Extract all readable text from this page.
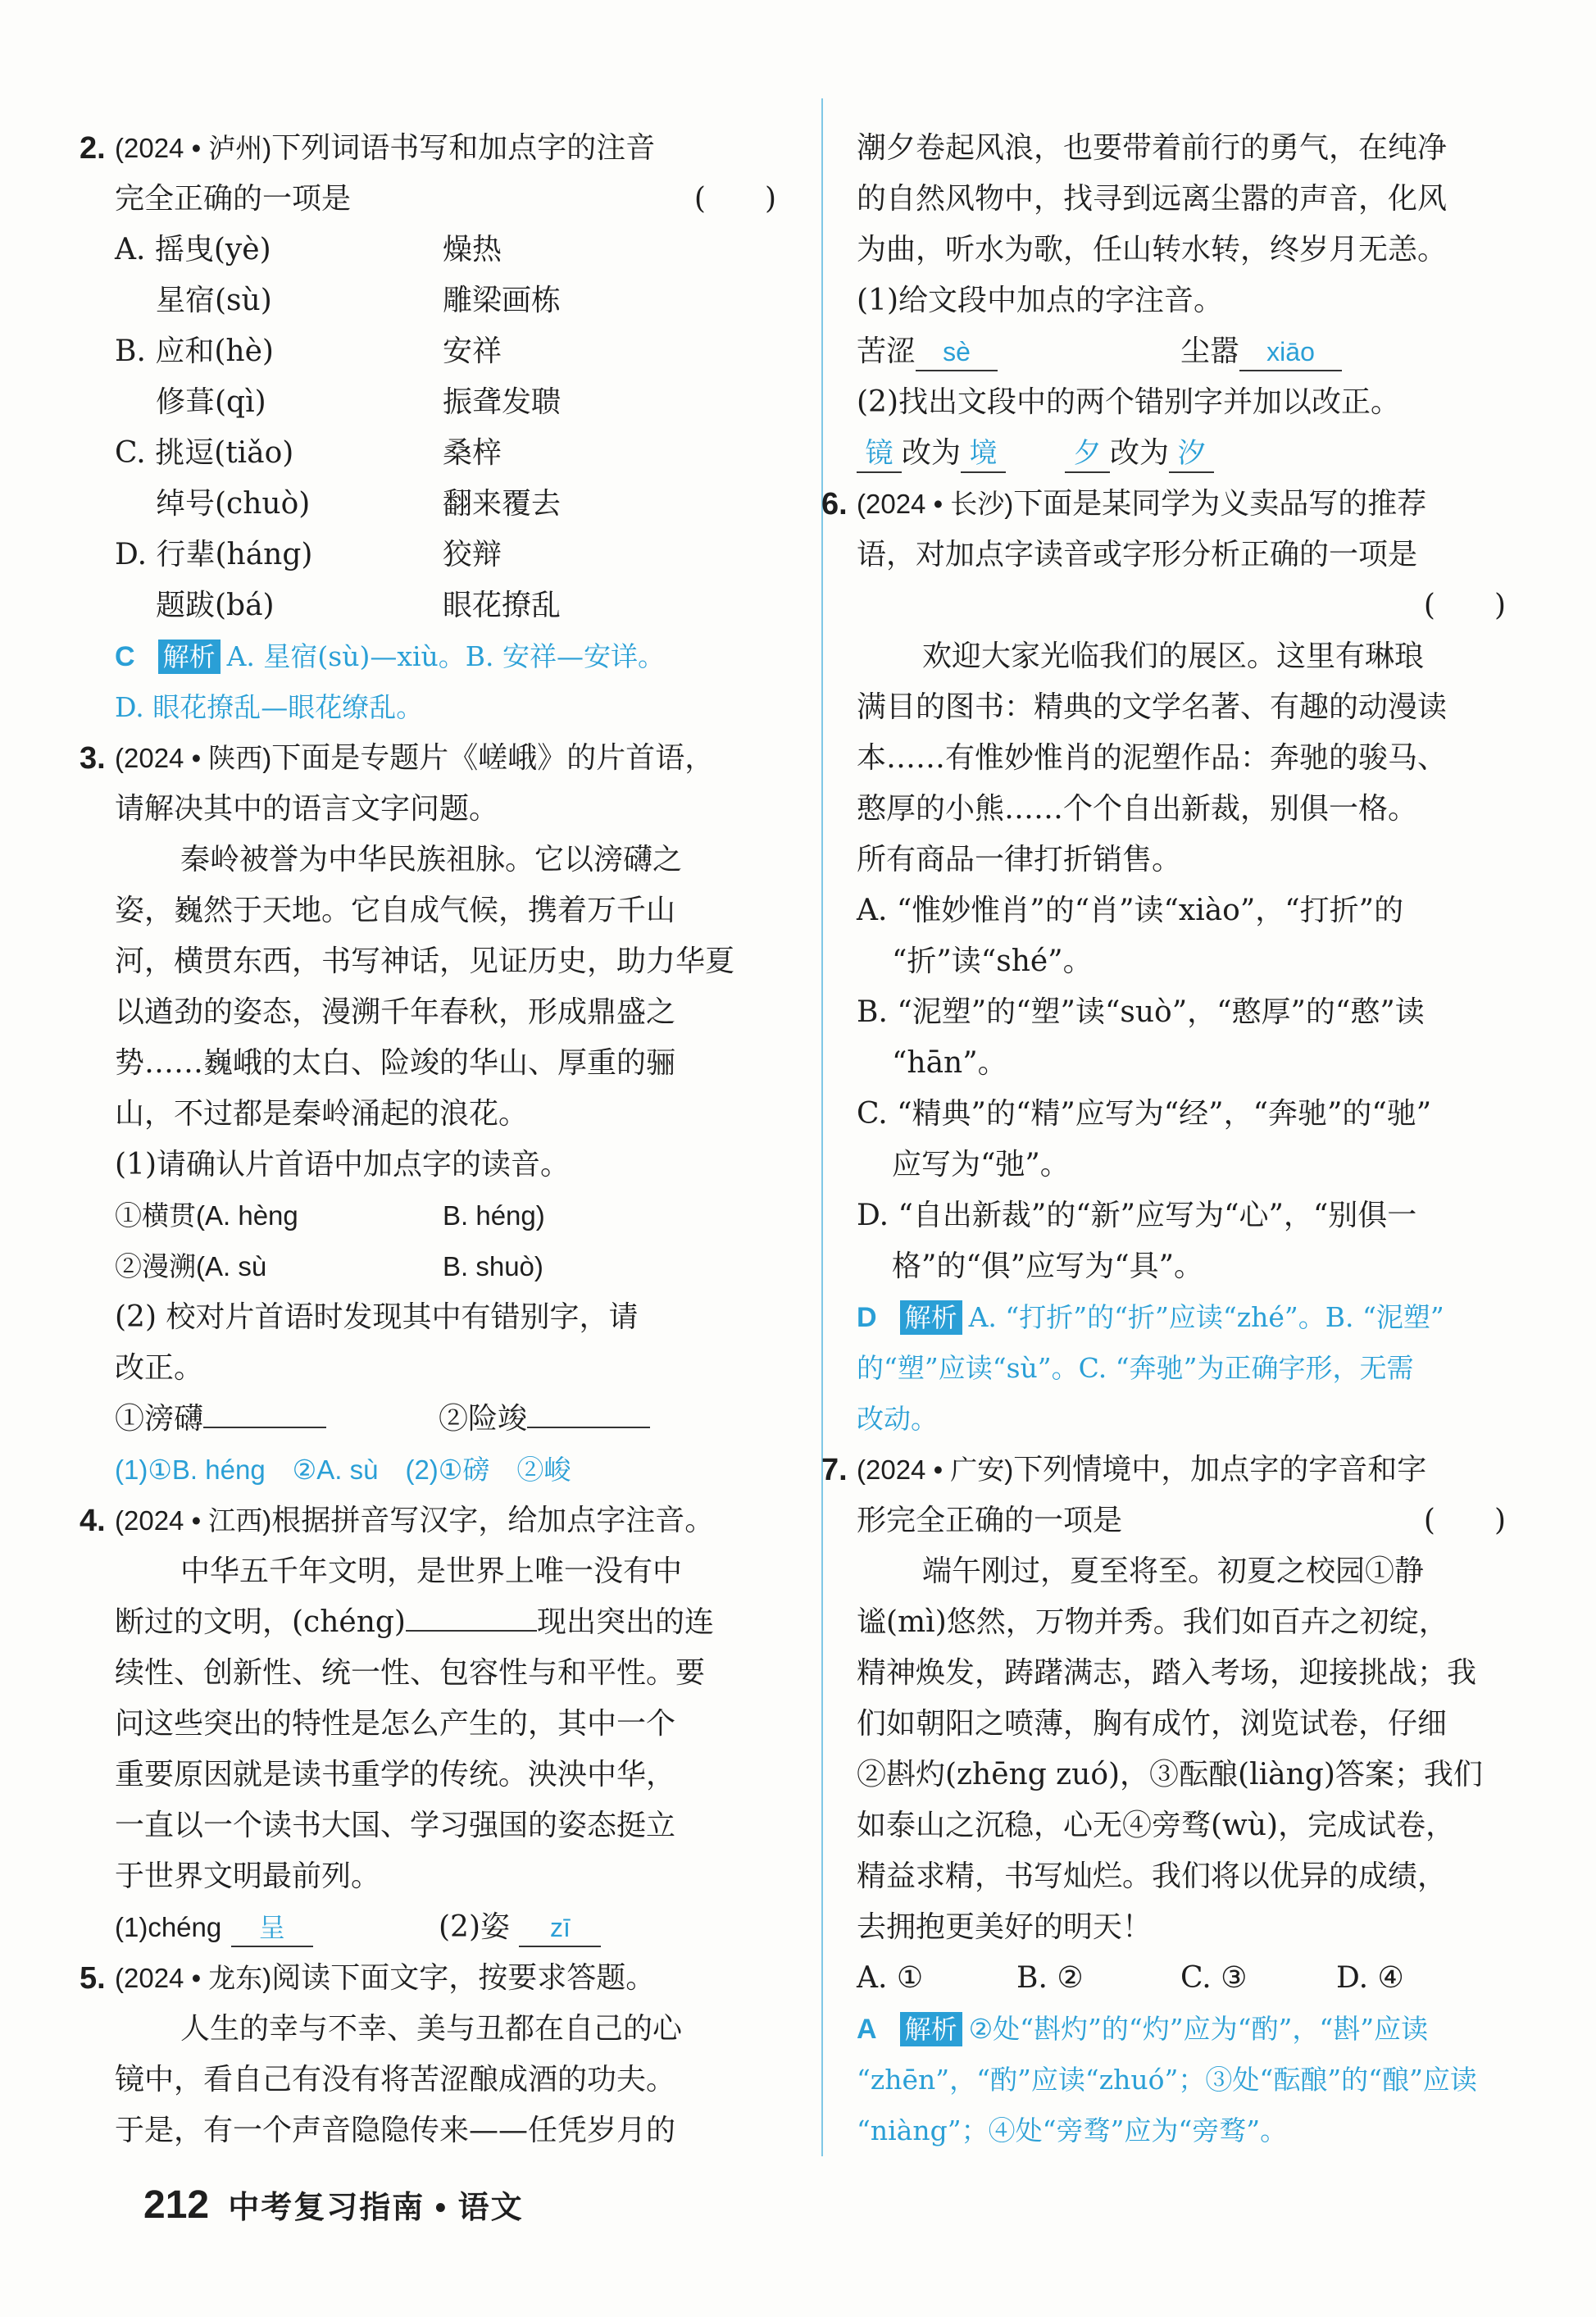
2. (2024 • 泸州)下列词语书写和加点字的注音
完全正确的一项是	(　　)
A. 摇曳(yè)	燥热
星宿(sù)	雕梁画栋
B. 应和(hè)	安祥
修葺(qì)	振聋发聩
C. 挑逗(tiǎo)	桑梓
绰号(chuò)	翻来覆去
D. 行辈(háng)	狡辩
题跋(bá)	眼花撩乱
C 解析 A. 星宿(sù)—xiù。B. 安祥—安详。
D. 眼花撩乱—眼花缭乱。
3. (2024 • 陕西)下面是专题片《嵯峨》的片首语，
请解决其中的语言文字问题。
秦岭被誉为中华民族祖脉。它以滂礴之
姿，巍然于天地。它自成气候，携着万千山
河，横贯东西，书写神话，见证历史，助力华夏
以遒劲的姿态，漫溯千年春秋，形成鼎盛之
势……巍峨的太白、险竣的华山、厚重的骊
山，不过都是秦岭涌起的浪花。
(1)请确认片首语中加点字的读音。
①横贯(A. hèng	B. héng)
②漫溯(A. sù	B. shuò)
(2) 校对片首语时发现其中有错别字，请
改正。
①滂礴	②险竣
(1)①B. héng　②A. sù　(2)①磅　②峻
4. (2024 • 江西)根据拼音写汉字，给加点字注音。
中华五千年文明，是世界上唯一没有中
断过的文明，(chéng)	现出突出的连
续性、创新性、统一性、包容性与和平性。要
问这些突出的特性是怎么产生的，其中一个
重要原因就是读书重学的传统。泱泱中华，
一直以一个读书大国、学习强国的姿态挺立
于世界文明最前列。
(1)chéng 呈	(2)姿 zī
5. (2024 • 龙东)阅读下面文字，按要求答题。
人生的幸与不幸、美与丑都在自己的心
镜中，看自己有没有将苦涩酿成酒的功夫。
于是，有一个声音隐隐传来——任凭岁月的
潮夕卷起风浪，也要带着前行的勇气，在纯净
的自然风物中，找寻到远离尘嚣的声音，化风
为曲，听水为歌，任山转水转，终岁月无恙。
(1)给文段中加点的字注音。
苦涩 sè	尘嚣 xiāo
(2)找出文段中的两个错别字并加以改正。
镜 改为 境　　	夕 改为 汐
6. (2024 • 长沙)下面是某同学为义卖品写的推荐
语，对加点字读音或字形分析正确的一项是
(　　)
欢迎大家光临我们的展区。这里有琳琅
满目的图书：精典的文学名著、有趣的动漫读
本……有惟妙惟肖的泥塑作品：奔驰的骏马、
憨厚的小熊……个个自出新裁，别俱一格。
所有商品一律打折销售。
A. “惟妙惟肖”的“肖”读“xiào”，“打折”的
“折”读“shé”。
B. “泥塑”的“塑”读“suò”，“憨厚”的“憨”读
“hān”。
C. “精典”的“精”应写为“经”，“奔驰”的“驰”
应写为“弛”。
D. “自出新裁”的“新”应写为“心”，“别俱一
格”的“俱”应写为“具”。
D 解析 A. “打折”的“折”应读“zhé”。B. “泥塑”
的“塑”应读“sù”。C. “奔驰”为正确字形，无需
改动。
7. (2024 • 广安)下列情境中，加点字的字音和字
形完全正确的一项是	(　　)
端午刚过，夏至将至。初夏之校园①静
谧(mì)悠然，万物并秀。我们如百卉之初绽，
精神焕发，踌躇满志，踏入考场，迎接挑战；我
们如朝阳之喷薄，胸有成竹，浏览试卷，仔细
②斟灼(zhēng zuó)，③酝酿(liàng)答案；我们
如泰山之沉稳，心无④旁骛(wù)，完成试卷，
精益求精，书写灿烂。我们将以优异的成绩，
去拥抱更美好的明天！
A. ①	B. ②	C. ③	D. ④
A 解析 ②处“斟灼”的“灼”应为“酌”，“斟”应读
“zhēn”，“酌”应读“zhuó”；③处“酝酿”的“酿”应读
“niàng”；④处“旁骛”应为“旁骛”。
212 中考复习指南 • 语文
